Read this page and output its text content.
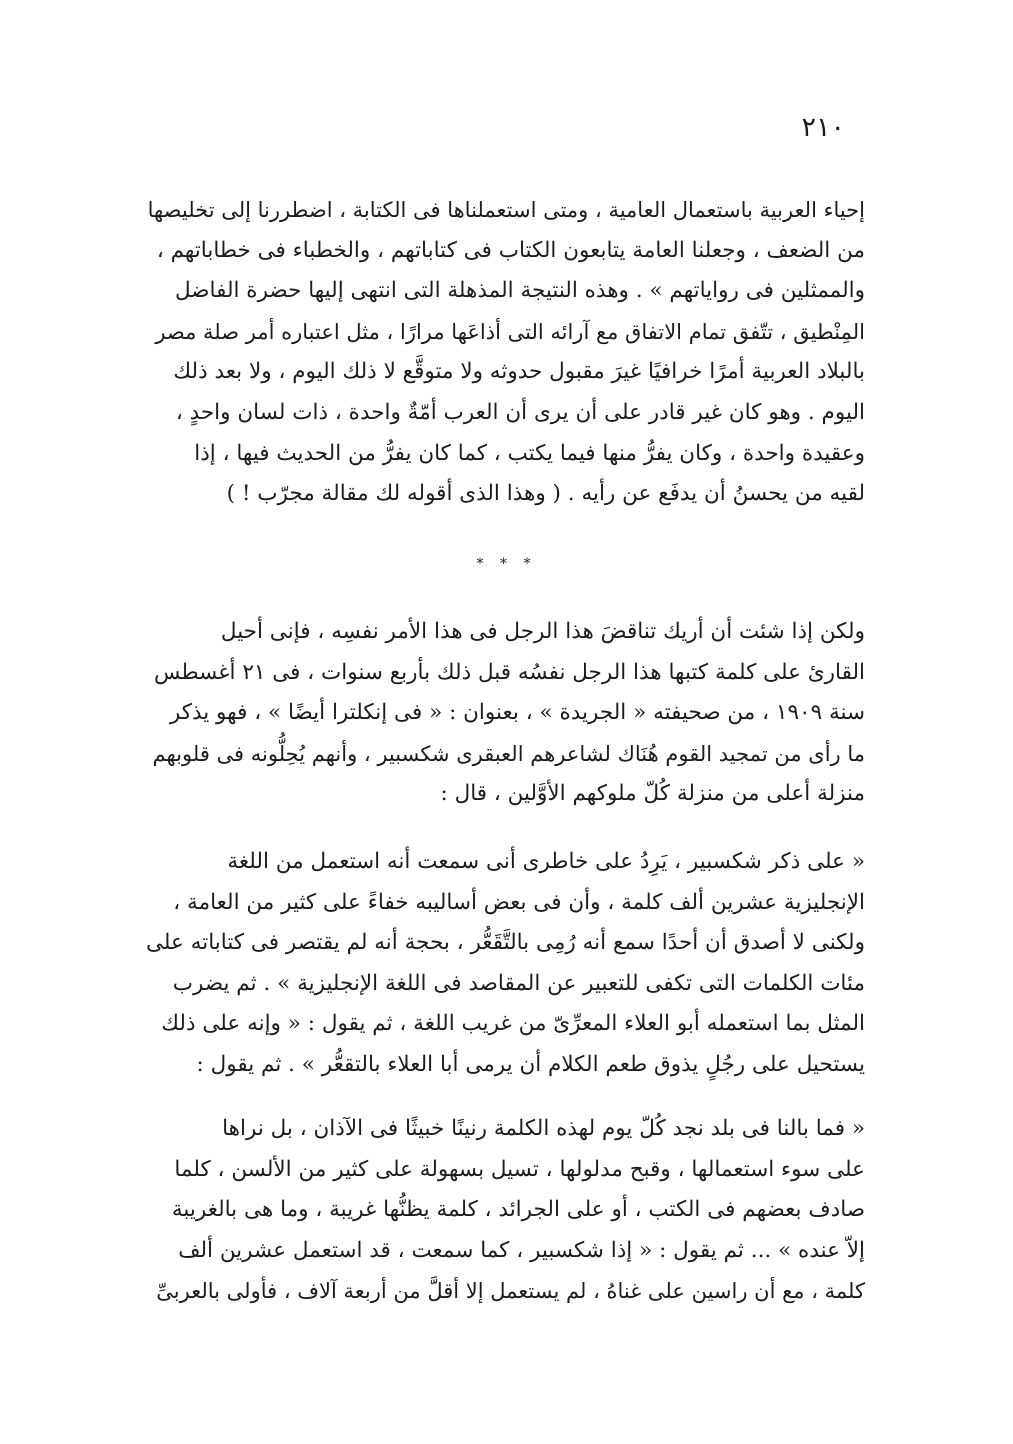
٢١٠
إحياء العربية باستعمال العامية ، ومتى استعملناها فى الكتابة ، اضطررنا إلى تخليصها
من الضعف ، وجعلنا العامة يتابعون الكتاب فى كتاباتهم ، والخطباء فى خطاباتهم ،
والممثلين فى رواياتهم » . وهذه النتيجة المذهلة التى انتهى إليها حضرة الفاضل
المِنْطيق ، تتّفق تمام الاتفاق مع آرائه التى أذاعَها مرارًا ، مثل اعتباره أمر صلة مصر
بالبلاد العربية أمرًا خرافيًا غيرَ مقبول حدوثه ولا متوقَّع لا ذلك اليوم ، ولا بعد ذلك
اليوم . وهو كان غير قادر على أن يرى أن العرب أمّةٌ واحدة ، ذات لسان واحدٍ ،
وعقيدة واحدة ، وكان يفرُّ منها فيما يكتب ، كما كان يفرُّ من الحديث فيها ، إذا
لقيه من يحسنُ أن يدفَع عن رأيه . ( وهذا الذى أقوله لك مقالة مجرّب ! )
* * *
ولكن إذا شئت أن أريك تناقضَ هذا الرجل فى هذا الأمر نفسِه ، فإنى أحيل
القارئ على كلمة كتبها هذا الرجل نفسُه قبل ذلك بأربع سنوات ، فى ٢١ أغسطس
سنة ١٩٠٩ ، من صحيفته « الجريدة » ، بعنوان : « فى إنكلترا أيضًا » ، فهو يذكر
ما رأى من تمجيد القوم هُنَاك لشاعرهم العبقرى شكسبير ، وأنهم يُحِلُّونه فى قلوبهم
منزلة أعلى من منزلة كُلّ ملوكهم الأوَّلين ، قال :
« على ذكر شكسبير ، يَرِدُ على خاطرى أنى سمعت أنه استعمل من اللغة
الإنجليزية عشرين ألف كلمة ، وأن فى بعض أساليبه خفاءً على كثير من العامة ،
ولكنى لا أصدق أن أحدًا سمع أنه رُمِى بالتَّقَعُّر ، بحجة أنه لم يقتصر فى كتاباته على
مئات الكلمات التى تكفى للتعبير عن المقاصد فى اللغة الإنجليزية » . ثم يضرب
المثل بما استعمله أبو العلاء المعرِّىّ من غريب اللغة ، ثم يقول : « وإنه على ذلك
يستحيل على رجُلٍ يذوق طعم الكلام أن يرمى أبا العلاء بالتقعُّر » . ثم يقول :
« فما بالنا فى بلد نجد كُلّ يوم لهذه الكلمة رنينًا خبيثًا فى الآذان ، بل نراها
على سوء استعمالها ، وقبح مدلولها ، تسيل بسهولة على كثير من الألسن ، كلما
صادف بعضهم فى الكتب ، أو على الجرائد ، كلمة يظنُّها غريبة ، وما هى بالغريبة
إلاّ عنده » ... ثم يقول : « إذا شكسبير ، كما سمعت ، قد استعمل عشرين ألف
كلمة ، مع أن راسين على غناهُ ، لم يستعمل إلا أقلَّ من أربعة آلاف ، فأولى بالعربىِّ
